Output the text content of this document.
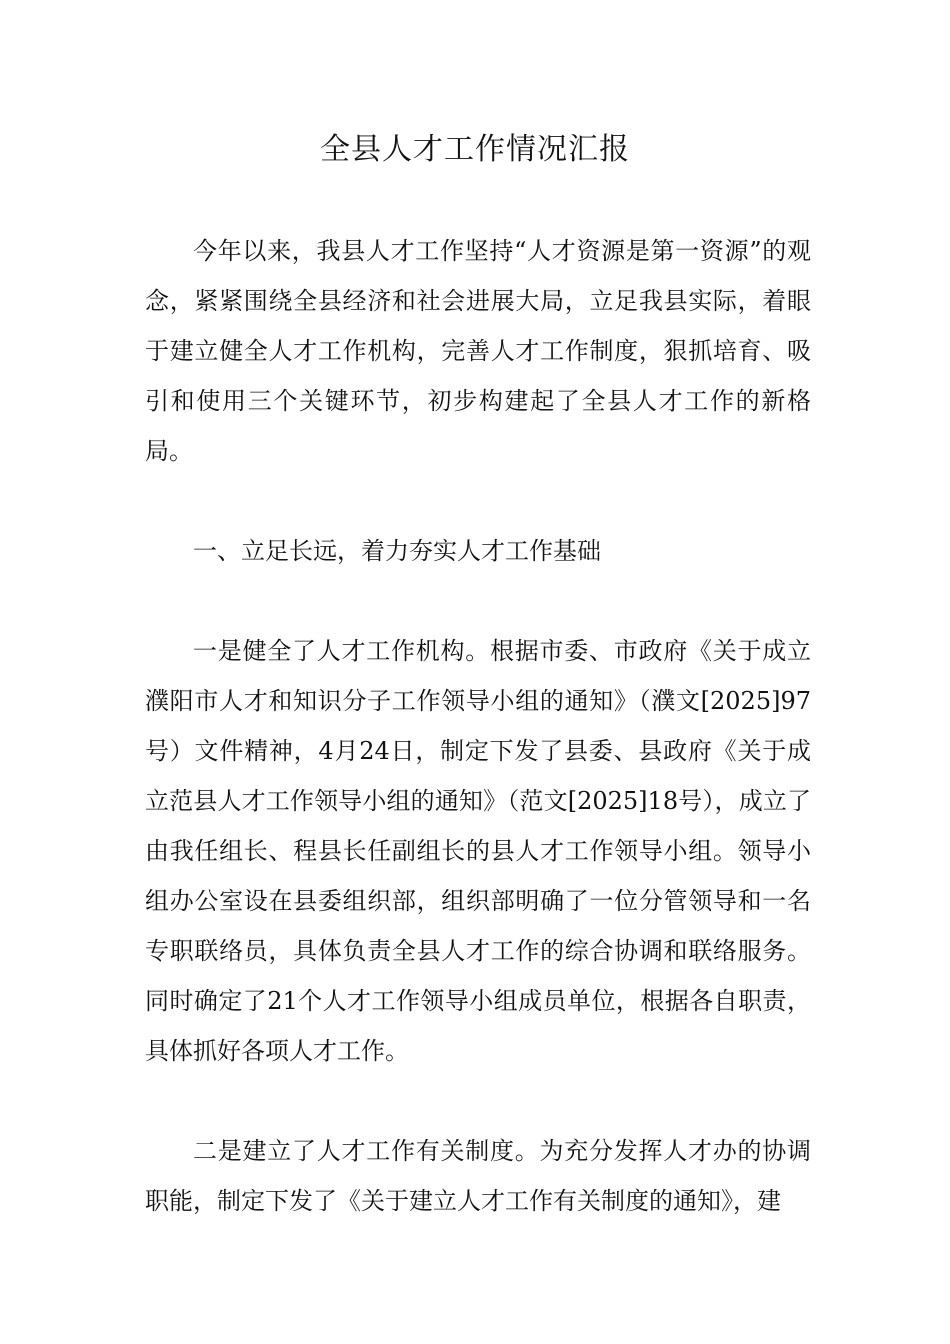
全县人才工作情况汇报

今年以来，我县人才工作坚持“人才资源是第一资源”的观念，紧紧围绕全县经济和社会进展大局，立足我县实际，着眼于建立健全人才工作机构，完善人才工作制度，狠抓培育、吸引和使用三个关键环节，初步构建起了全县人才工作的新格局。

一、立足长远，着力夯实人才工作基础

一是健全了人才工作机构。根据市委、市政府《关于成立濮阳市人才和知识分子工作领导小组的通知》（濮文[2025]97号）文件精神，4月24日，制定下发了县委、县政府《关于成立范县人才工作领导小组的通知》（范文[2025]18号），成立了由我任组长、程县长任副组长的县人才工作领导小组。领导小组办公室设在县委组织部，组织部明确了一位分管领导和一名专职联络员，具体负责全县人才工作的综合协调和联络服务。同时确定了21个人才工作领导小组成员单位，根据各自职责，具体抓好各项人才工作。

二是建立了人才工作有关制度。为充分发挥人才办的协调职能，制定下发了《关于建立人才工作有关制度的通知》，建
